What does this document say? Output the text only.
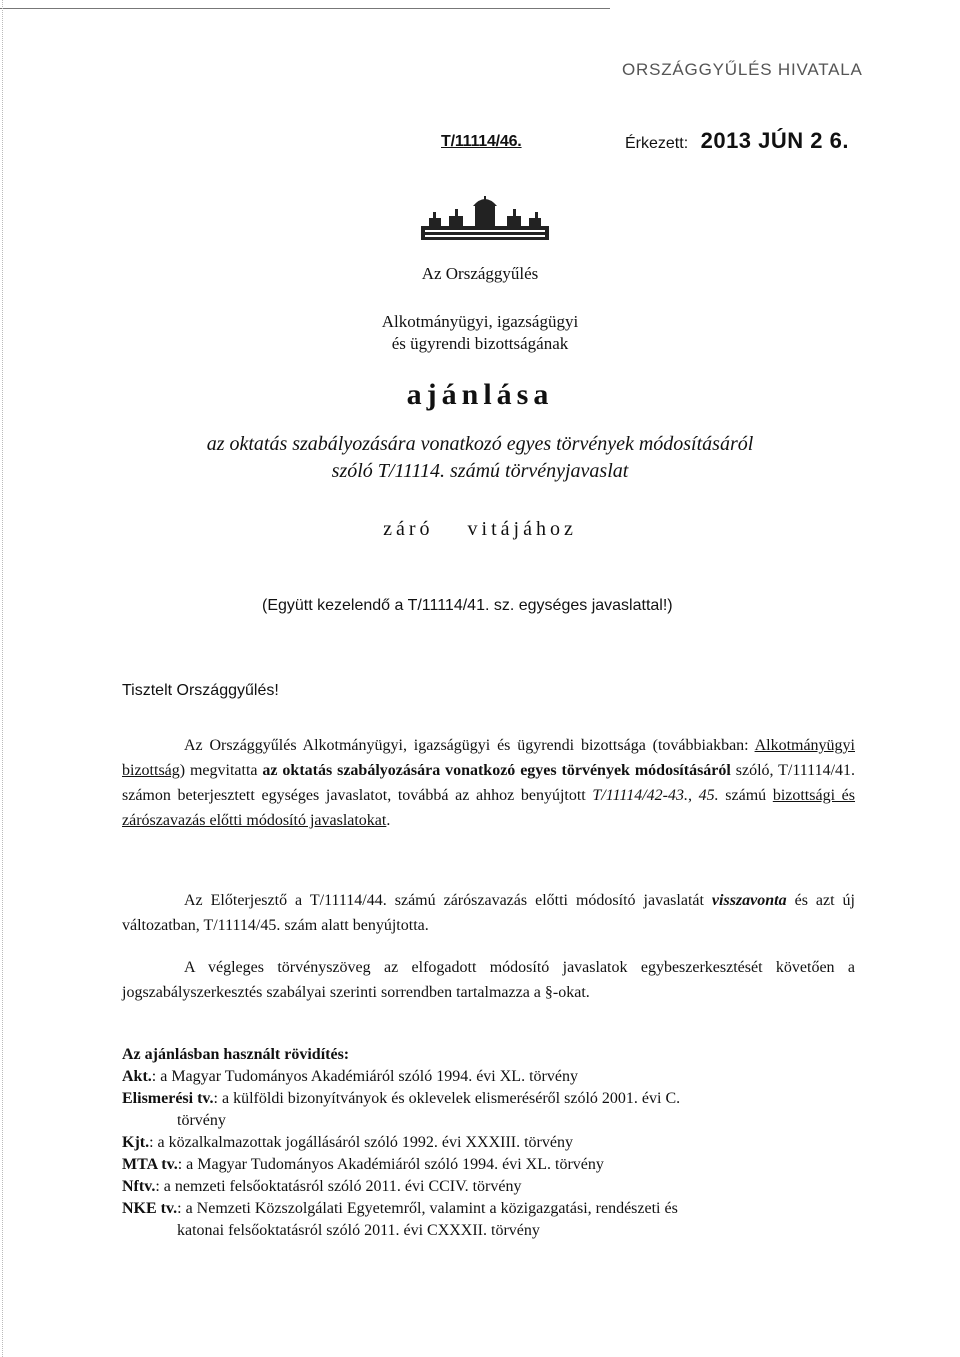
ORSZÁGGYŰLÉS HIVATALA
T/11114/46.	Érkezett: 2013 JÚN 2 6.
Az Országgyűlés
Alkotmányügyi, igazságügyi
és ügyrendi bizottságának
ajánlása
az oktatás szabályozására vonatkozó egyes törvények módosításáról
szóló T/11114. számú törvényjavaslat
záró vitájához
(Együtt kezelendő a T/11114/41. sz. egységes javaslattal!)
Tisztelt Országgyűlés!
Az Országgyűlés Alkotmányügyi, igazságügyi és ügyrendi bizottsága (továbbiakban: Alkotmányügyi bizottság) megvitatta az oktatás szabályozására vonatkozó egyes törvények módosításáról szóló, T/11114/41. számon beterjesztett egységes javaslatot, továbbá az ahhoz benyújtott T/11114/42-43., 45. számú bizottsági és zárószavazás előtti módosító javaslatokat.
Az Előterjesztő a T/11114/44. számú zárószavazás előtti módosító javaslatát visszavonta és azt új változatban, T/11114/45. szám alatt benyújtotta.
A végleges törvényszöveg az elfogadott módosító javaslatok egybeszerkesztését követően a jogszabályszerkesztés szabályai szerinti sorrendben tartalmazza a §-okat.
Az ajánlásban használt rövidítés:
Akt.: a Magyar Tudományos Akadémiáról szóló 1994. évi XL. törvény
Elismerési tv.: a külföldi bizonyítványok és oklevelek elismeréséről szóló 2001. évi C.
törvény
Kjt.: a közalkalmazottak jogállásáról szóló 1992. évi XXXIII. törvény
MTA tv.: a Magyar Tudományos Akadémiáról szóló 1994. évi XL. törvény
Nftv.: a nemzeti felsőoktatásról szóló 2011. évi CCIV. törvény
NKE tv.: a Nemzeti Közszolgálati Egyetemről, valamint a közigazgatási, rendészeti és
katonai felsőoktatásról szóló 2011. évi CXXXII. törvény
